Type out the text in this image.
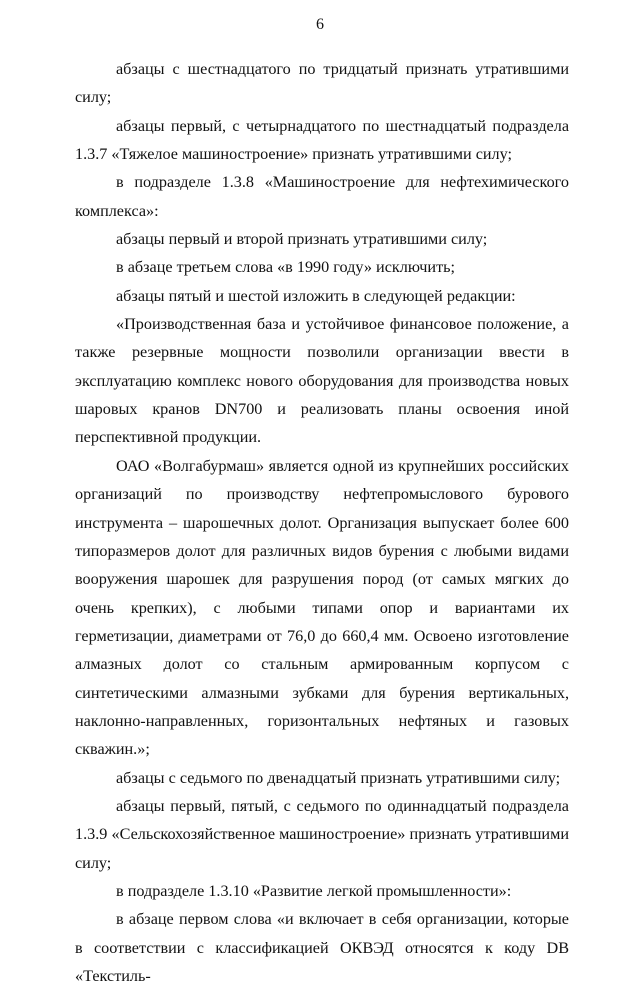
6

абзацы с шестнадцатого по тридцатый признать утратившими силу;

абзацы первый, с четырнадцатого по шестнадцатый подраздела 1.3.7 «Тяжелое машиностроение» признать утратившими силу;

в подразделе 1.3.8 «Машиностроение для нефтехимического комплекса»:

абзацы первый и второй признать утратившими силу;

в абзаце третьем слова «в 1990 году» исключить;

абзацы пятый и шестой изложить в следующей редакции:

«Производственная база и устойчивое финансовое положение, а также резервные мощности позволили организации ввести в эксплуатацию комплекс нового оборудования для производства новых шаровых кранов DN700 и реализовать планы освоения иной перспективной продукции.

ОАО «Волгабурмаш» является одной из крупнейших российских организаций по производству нефтепромыслового бурового инструмента – шарошечных долот. Организация выпускает более 600 типоразмеров долот для различных видов бурения с любыми видами вооружения шарошек для разрушения пород (от самых мягких до очень крепких), с любыми типами опор и вариантами их герметизации, диаметрами от 76,0 до 660,4 мм. Освоено изготовление алмазных долот со стальным армированным корпусом с синтетическими алмазными зубками для бурения вертикальных, наклонно-направленных, горизонтальных нефтяных и газовых скважин.»;

абзацы с седьмого по двенадцатый признать утратившими силу;

абзацы первый, пятый, с седьмого по одиннадцатый подраздела 1.3.9 «Сельскохозяйственное машиностроение» признать утратившими силу;

в подразделе 1.3.10 «Развитие легкой промышленности»:

в абзаце первом слова «и включает в себя организации, которые в соответствии с классификацией ОКВЭД относятся к коду DB «Текстиль-
